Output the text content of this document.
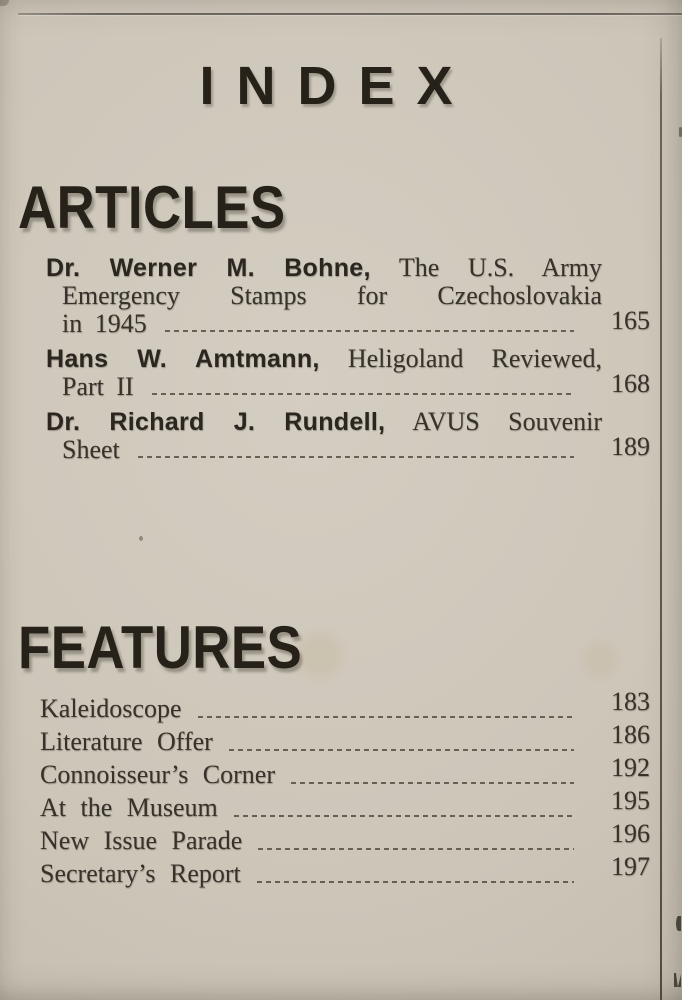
INDEX
ARTICLES
Dr. Werner M. Bohne, The U.S. Army
Emergency Stamps for Czechoslovakia
in 1945	165
Hans W. Amtmann, Heligoland Reviewed,
Part II	168
Dr. Richard J. Rundell, AVUS Souvenir
Sheet	189
FEATURES
Kaleidoscope	183
Literature Offer	186
Connoisseur’s Corner	192
At the Museum	195
New Issue Parade	196
Secretary’s Report	197
